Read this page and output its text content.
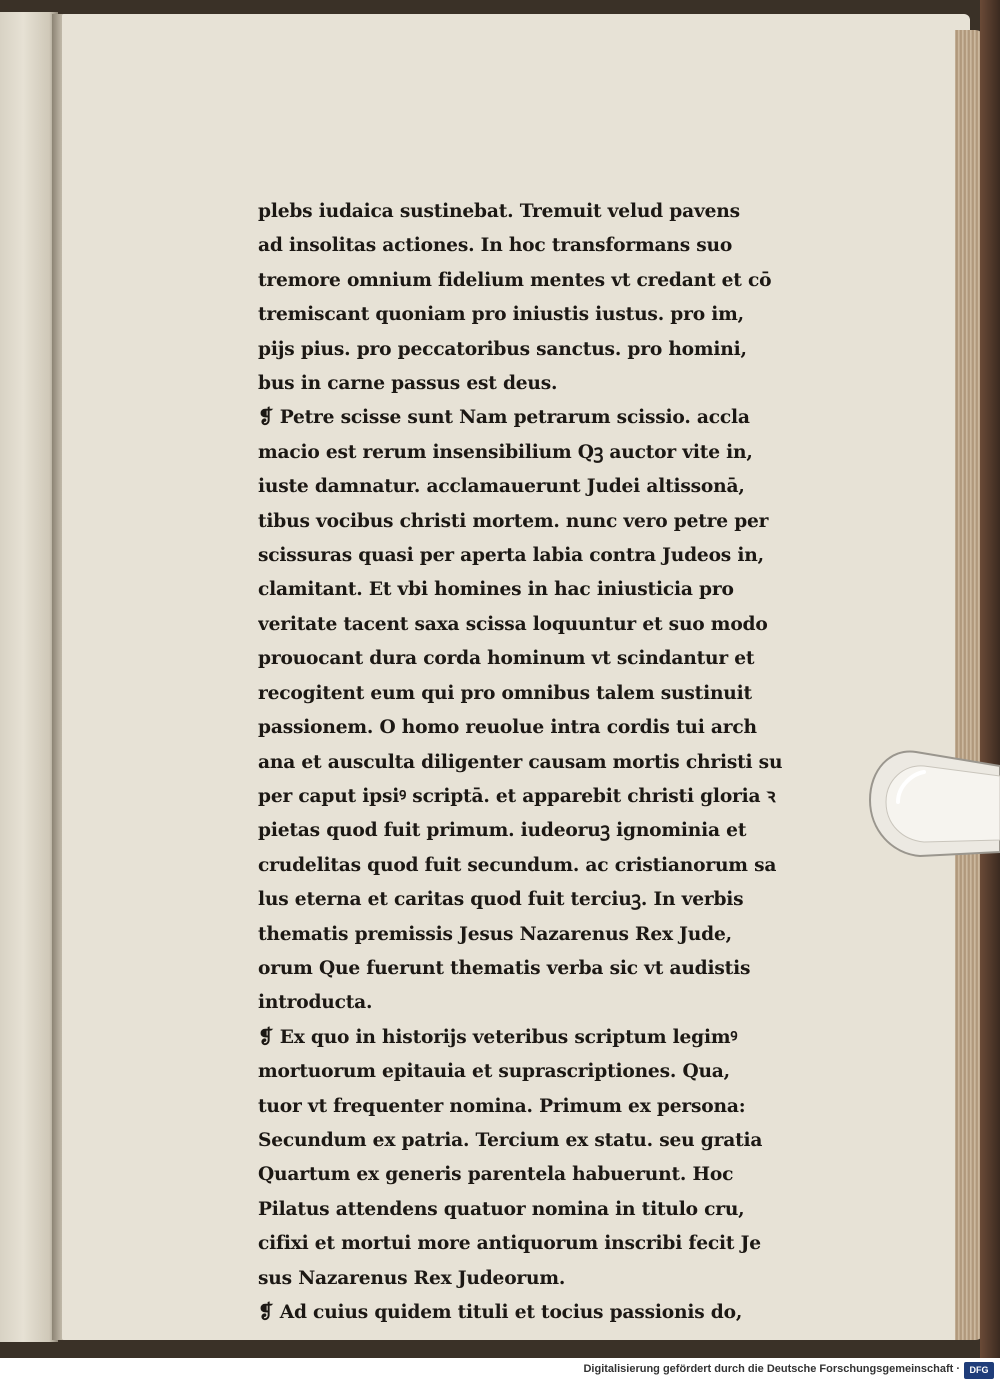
plebs iudaica sustinebat. Tremuit velud pavens
ad insolitas actiones. In hoc transformans suo
tremore omnium fidelium mentes vt credant et cō
tremiscant quoniam pro iniustis iustus. pro im,
pijs pius. pro peccatoribus sanctus. pro homini,
bus in carne passus est deus.
❡ Petre scisse sunt Nam petrarum scissio. accla
macio est rerum insensibilium Qꝫ auctor vite in,
iuste damnatur. acclamauerunt Judei altissonā,
tibus vocibus christi mortem. nunc vero petre per
scissuras quasi per aperta labia contra Judeos in,
clamitant. Et vbi homines in hac iniusticia pro
veritate tacent saxa scissa loquuntur et suo modo
prouocant dura corda hominum vt scindantur et
recogitent eum qui pro omnibus talem sustinuit
passionem. O homo reuolue intra cordis tui arch
ana et ausculta diligenter causam mortis christi su
per caput ipsiꝰ scriptā. et apparebit christi gloria ꝛ
pietas quod fuit primum. iudeoruꝫ ignominia et
crudelitas quod fuit secundum. ac cristianorum sa
lus eterna et caritas quod fuit terciuꝫ. In verbis
thematis premissis Jesus Nazarenus Rex Jude,
orum Que fuerunt thematis verba sic vt audistis
introducta.
❡ Ex quo in historijs veteribus scriptum legimꝰ
mortuorum epitauia et suprascriptiones. Qua,
tuor vt frequenter nomina. Primum ex persona:
Secundum ex patria. Tercium ex statu. seu gratia
Quartum ex generis parentela habuerunt. Hoc
Pilatus attendens quatuor nomina in titulo cru,
cifixi et mortui more antiquorum inscribi fecit Je
sus Nazarenus Rex Judeorum.
❡ Ad cuius quidem tituli et tocius passionis do,
Digitalisierung gefördert durch die Deutsche Forschungsgemeinschaft ·	DFG
